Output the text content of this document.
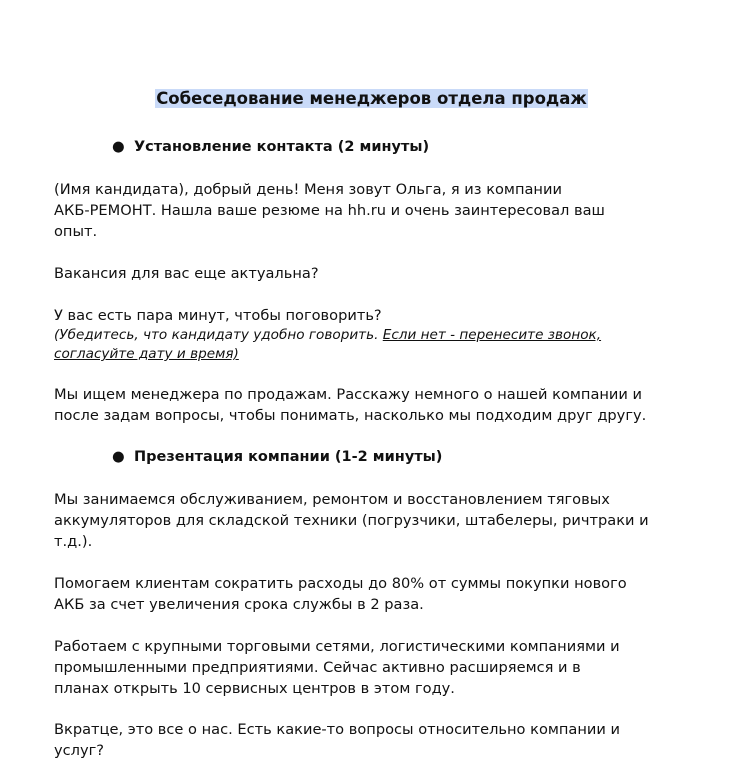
Собеседование менеджеров отдела продаж
● Установление контакта (2 минуты)

(Имя кандидата), добрый день! Меня зовут Ольга, я из компании
АКБ-РЕМОНТ. Нашла ваше резюме на hh.ru и очень заинтересовал ваш
опыт.

Вакансия для вас еще актуальна?

У вас есть пара минут, чтобы поговорить?

(Убедитесь, что кандидату удобно говорить. Если нет - перенесите звонок,
согласуйте дату и время)

Мы ищем менеджера по продажам. Расскажу немного о нашей компании и
после задам вопросы, чтобы понимать, насколько мы подходим друг другу.

● Презентация компании (1-2 минуты)

Мы занимаемся обслуживанием, ремонтом и восстановлением тяговых
аккумуляторов для складской техники (погрузчики, штабелеры, ричтраки и
т.д.).

Помогаем клиентам сократить расходы до 80% от суммы покупки нового
АКБ за счет увеличения срока службы в 2 раза.

Работаем с крупными торговыми сетями, логистическими компаниями и
промышленными предприятиями. Сейчас активно расширяемся и в
планах открыть 10 сервисных центров в этом году.

Вкратце, это все о нас. Есть какие-то вопросы относительно компании и
услуг?
